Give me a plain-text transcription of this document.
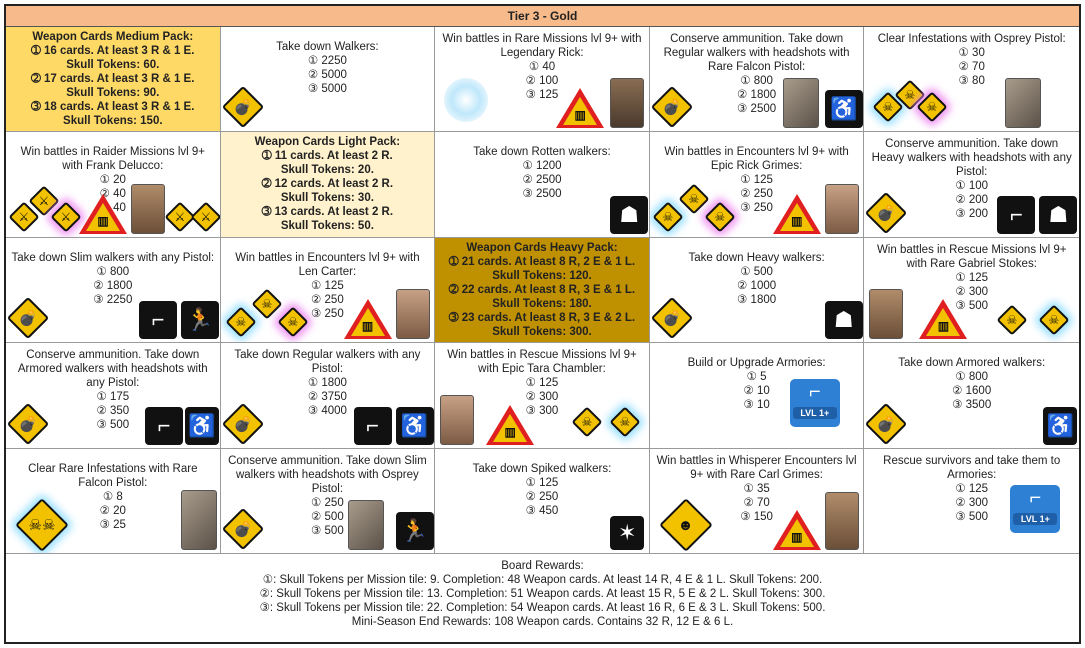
Tier 3 - Gold
Weapon Cards Medium Pack:
➀ 16 cards. At least 3 R & 1 E.
Skull Tokens: 60.
➁ 17 cards. At least 3 R & 1 E.
Skull Tokens: 90.
➂ 18 cards. At least 3 R & 1 E.
Skull Tokens: 150.
Take down Walkers:
① 2250
② 5000
③ 5000
💣
Win battles in Rare Missions lvl 9+ with Legendary Rick:
① 40
② 100
③ 125
▥
Conserve ammunition. Take down Regular walkers with headshots with Rare Falcon Pistol:
① 800
② 1800
③ 2500
💣	♿
Clear Infestations with Osprey Pistol:
① 30
② 70
③ 80
☠
☠
☠
Win battles in Raider Missions lvl 9+ with Frank Delucco:
① 20
② 40
③ 40
⚔
⚔
⚔	▥	⚔ ⚔
Weapon Cards Light Pack:
➀ 11 cards. At least 2 R.
Skull Tokens: 20.
➁ 12 cards. At least 2 R.
Skull Tokens: 30.
➂ 13 cards. At least 2 R.
Skull Tokens: 50.
Take down Rotten walkers:
① 1200
② 2500
③ 2500
☗
Win battles in Encounters lvl 9+ with Epic Rick Grimes:
① 125
② 250
③ 250
☠
☠
☠	▥
Conserve ammunition. Take down Heavy walkers with headshots with any Pistol:
① 100
② 200
③ 200
💣	⌐	☗
Take down Slim walkers with any Pistol:
① 800
② 1800
③ 2250
💣	⌐ 🏃
Win battles in Encounters lvl 9+ with Len Carter:
① 125
② 250
③ 250
☠
☠
☠	▥
Weapon Cards Heavy Pack:
➀ 21 cards. At least 8 R, 2 E & 1 L.
Skull Tokens: 120.
➁ 22 cards. At least 8 R, 3 E & 1 L.
Skull Tokens: 180.
➂ 23 cards. At least 8 R, 3 E & 2 L.
Skull Tokens: 300.
Take down Heavy walkers:
① 500
② 1000
③ 1800
💣	☗
Win battles in Rescue Missions lvl 9+ with Rare Gabriel Stokes:
① 125
② 300
③ 500
▥	☠	☠
Conserve ammunition. Take down Armored walkers with headshots with any Pistol:
① 175
② 350
③ 500
💣	⌐ ♿
Take down Regular walkers with any Pistol:
① 1800
② 3750
③ 4000
💣	⌐ ♿
Win battles in Rescue Missions lvl 9+ with Epic Tara Chambler:
① 125
② 300
③ 300
▥
☠ ☠
Build or Upgrade Armories:
① 5
② 10
③ 10
⌐
LVL 1+
Take down Armored walkers:
① 800
② 1600
③ 3500
💣	♿
Clear Rare Infestations with Rare Falcon Pistol:
① 8
② 20
③ 25
☠☠
Conserve ammunition. Take down Slim walkers with headshots with Osprey Pistol:
① 250
② 500
③ 500
💣	🏃
Take down Spiked walkers:
① 125
② 250
③ 450
✶
Win battles in Whisperer Encounters lvl 9+ with Rare Carl Grimes:
① 35
② 70
③ 150
☻
▥
Rescue survivors and take them to Armories:
① 125
② 300
③ 500
⌐
LVL 1+
Board Rewards:
①: Skull Tokens per Mission tile: 9. Completion: 48 Weapon cards. At least 14 R, 4 E & 1 L. Skull Tokens: 200.
②: Skull Tokens per Mission tile: 13. Completion: 51 Weapon cards. At least 15 R, 5 E & 2 L. Skull Tokens: 300.
③: Skull Tokens per Mission tile: 22. Completion: 54 Weapon cards. At least 16 R, 6 E & 3 L. Skull Tokens: 500.
Mini-Season End Rewards: 108 Weapon cards. Contains 32 R, 12 E & 6 L.
